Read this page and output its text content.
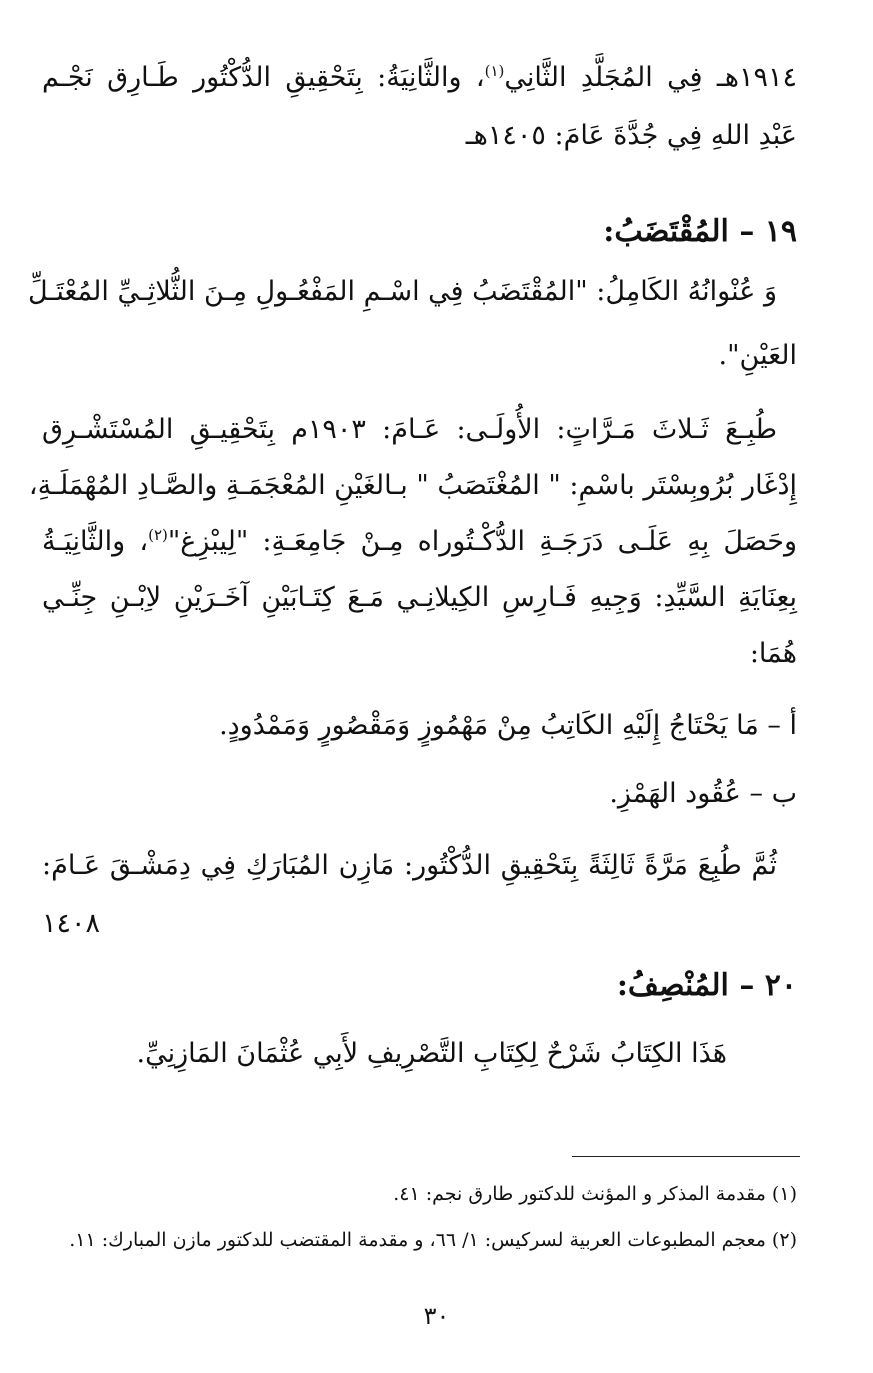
١٩١٤هـ فِي المُجَلَّدِ الثَّانِي$^{(١)}$، والثَّانِيَةُ: بِتَحْقِيقِ الدُّكْتُور طَـارِق نَجْـم
عَبْدِ اللهِ فِي جُدَّةَ عَامَ: ١٤٠٥هـ
١٩ – المُقْتَضَبُ:
وَ عُنْوانُهُ الكَامِلُ: "المُقْتَضَبُ فِي اسْـمِ المَفْعُـولِ مِـنَ الثُّلاثِـيِّ المُعْتَـلِّ
العَيْنِ".
طُبِـعَ ثَـلاثَ مَـرَّاتٍ: الأُولَـى: عَـامَ: ١٩٠٣م بِتَحْقِيـقِ المُسْتَشْـرِق
إِدْغَار بُرُوبِسْتَر باسْمِ: " المُغْتَصَبُ " بـالغَيْنِ المُعْجَمَـةِ والصَّـادِ المُهْمَلَـةِ،
وحَصَلَ بِهِ عَلَـى دَرَجَـةِ الدُّكْـتُوراه مِـنْ جَامِعَـةِ: "لِيبْزِغ"$^{(٢)}$، والثَّانِيَـةُ
بِعِنَايَةِ السَّيِّدِ: وَجِيهِ فَـارِسِ الكِيلانِـي مَـعَ كِتَـابَيْنِ آخَـرَيْنِ لاِبْـنِ جِنِّـي
هُمَا:
أ – مَا يَحْتَاجُ إِلَيْهِ الكَاتِبُ مِنْ مَهْمُوزٍ وَمَقْصُورٍ وَمَمْدُودٍ.
ب – عُقُود الهَمْزِ.
ثُمَّ طُبِعَ مَرَّةً ثَالِثَةً بِتَحْقِيقِ الدُّكْتُور: مَازِن المُبَارَكِ فِي دِمَشْـقَ عَـامَ:
١٤٠٨
٢٠ – المُنْصِفُ:
هَذَا الكِتَابُ شَرْحٌ لِكِتَابِ التَّصْرِيفِ لأَبِي عُثْمَانَ المَازِنِيِّ.
(١) مقدمة المذكر و المؤنث للدكتور طارق نجم: ٤١.
(٢) معجم المطبوعات العربية لسركيس: ١/ ٦٦، و مقدمة المقتضب للدكتور مازن المبارك: ١١.
٣٠
